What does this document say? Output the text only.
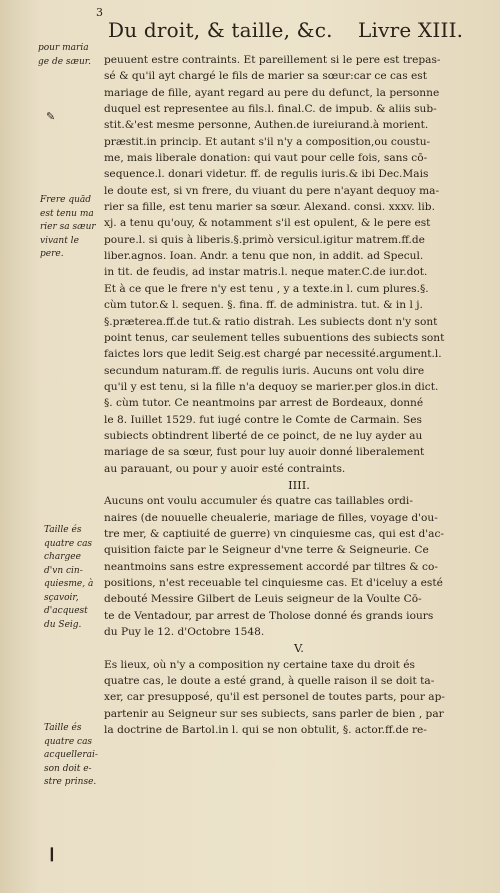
3
Du droit, & taille, &c. Livre XIII.
pour maria
ge de sæur.
✎
Frere quād
est tenu ma
rier sa sæur
vivant le
pere.
Taille és
quatre cas
chargee
d'vn cin-
quiesme, à
sçavoir,
d'acquest
du Seig.
Taille és
quatre cas
acquellerai-
son doit e-
stre prinse.
peuuent estre contraints. Et pareillement si le pere est trepas-
sé & qu'il ayt chargé le fils de marier sa sœur:car ce cas est
mariage de fille, ayant regard au pere du defunct, la personne
duquel est representee au fils.l. final.C. de impub. & aliis sub-
stit.&'est mesme personne, Authen.de iureiurand.à morient.
præstit.in princip. Et autant s'il n'y a composition,ou coustu-
me, mais liberale donation: qui vaut pour celle fois, sans cō-
sequence.l. donari videtur. ff. de regulis iuris.& ibi Dec.Mais
le doute est, si vn frere, du viuant du pere n'ayant dequoy ma-
rier sa fille, est tenu marier sa sœur. Alexand. consi. xxxv. lib.
xj. a tenu qu'ouy, & notamment s'il est opulent, & le pere est
poure.l. si quis à liberis.§.primò versicul.igitur matrem.ff.de
liber.agnos. Ioan. Andr. a tenu que non, in addit. ad Specul.
in tit. de feudis, ad instar matris.l. neque mater.C.de iur.dot.
Et à ce que le frere n'y est tenu , y a texte.in l. cum plures.§.
cùm tutor.& l. sequen. §. fina. ff. de administra. tut. & in l j.
§.præterea.ff.de tut.& ratio distrah. Les subiects dont n'y sont
point tenus, car seulement telles subuentions des subiects sont
faictes lors que ledit Seig.est chargé par necessité.argument.l.
secundum naturam.ff. de regulis iuris. Aucuns ont volu dire
qu'il y est tenu, si la fille n'a dequoy se marier.per glos.in dict.
§. cùm tutor. Ce neantmoins par arrest de Bordeaux, donné
le 8. Iuillet 1529. fut iugé contre le Comte de Carmain. Ses
subiects obtindrent liberté de ce poinct, de ne luy ayder au
mariage de sa sœur, fust pour luy auoir donné liberalement
au parauant, ou pour y auoir esté contraints.
IIII.
Aucuns ont voulu accumuler és quatre cas taillables ordi-
naires (de nouuelle cheualerie, mariage de filles, voyage d'ou-
tre mer, & captiuité de guerre) vn cinquiesme cas, qui est d'ac-
quisition faicte par le Seigneur d'vne terre & Seigneurie. Ce
neantmoins sans estre expressement accordé par tiltres & co-
positions, n'est receuable tel cinquiesme cas. Et d'iceluy a esté
debouté Messire Gilbert de Leuis seigneur de la Voulte Cō-
te de Ventadour, par arrest de Tholose donné és grands iours
du Puy le 12. d'Octobre 1548.
V.
Es lieux, où n'y a composition ny certaine taxe du droit és
quatre cas, le doute a esté grand, à quelle raison il se doit ta-
xer, car presupposé, qu'il est personel de toutes parts, pour ap-
partenir au Seigneur sur ses subiects, sans parler de bien , par
la doctrine de Bartol.in l. qui se non obtulit, §. actor.ff.de re-
❙
